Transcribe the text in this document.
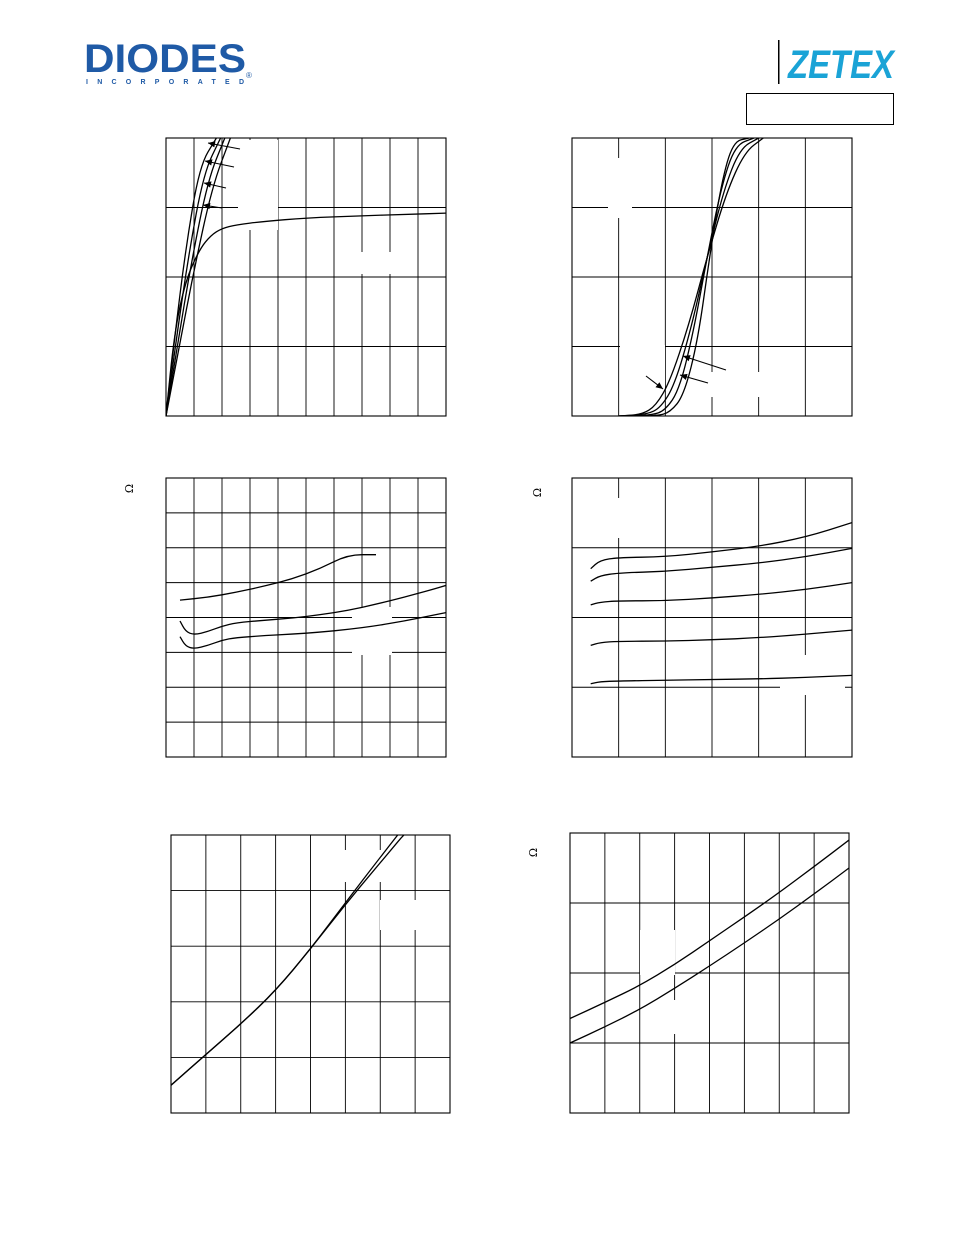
DIODES
INCORPORATED
®	ZETEX
Ω	Ω
Ω
